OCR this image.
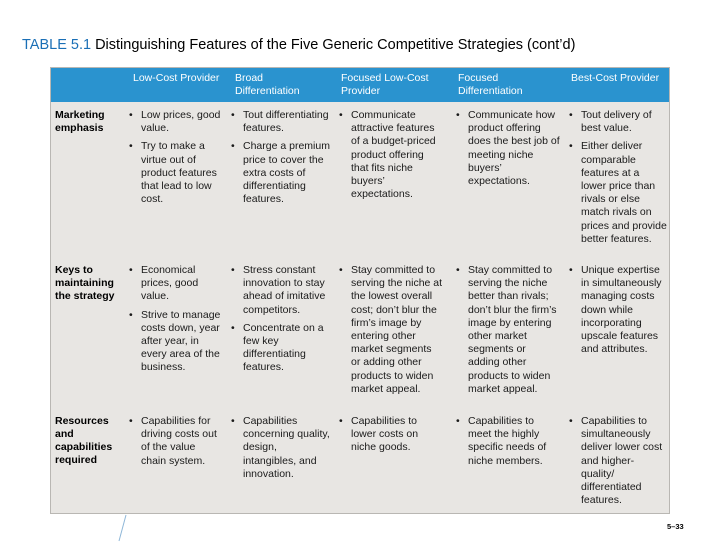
TABLE 5.1 Distinguishing Features of the Five Generic Competitive Strategies (cont’d)
Low-Cost Provider	Broad Differentiation
Focused Low-Cost Provider
Focused Differentiation
Best-Cost Provider
Marketing emphasis
• Low prices, good value.
• Try to make a virtue out of product features that lead to low cost.
• Tout differentiating features.
• Charge a premium price to cover the extra costs of differentiating features.
• Communicate attractive features of a budget-priced product offering that fits niche buyers’ expectations.
• Communicate how product offering does the best job of meeting niche buyers’ expectations.
• Tout delivery of best value.
• Either deliver comparable features at a lower price than rivals or else match rivals on prices and provide better features.
Keys to maintaining the strategy
• Economical prices, good value.
• Strive to manage costs down, year after year, in every area of the business.
• Stress constant innovation to stay ahead of imitative competitors.
• Concentrate on a few key differentiating features.
• Stay committed to serving the niche at the lowest overall cost; don’t blur the firm’s image by entering other market segments or adding other products to widen market appeal.
• Stay committed to serving the niche better than rivals; don’t blur the firm’s image by entering other market segments or adding other products to widen market appeal.
• Unique expertise in simultaneously managing costs down while incorporating upscale features and attributes.
Resources and capabilities required
• Capabilities for driving costs out of the value chain system.
• Capabilities concerning quality, design, intangibles, and innovation.
• Capabilities to lower costs on niche goods.
• Capabilities to meet the highly specific needs of niche members.
• Capabilities to simultaneously deliver lower cost and higher-quality/ differentiated features.
5–33
